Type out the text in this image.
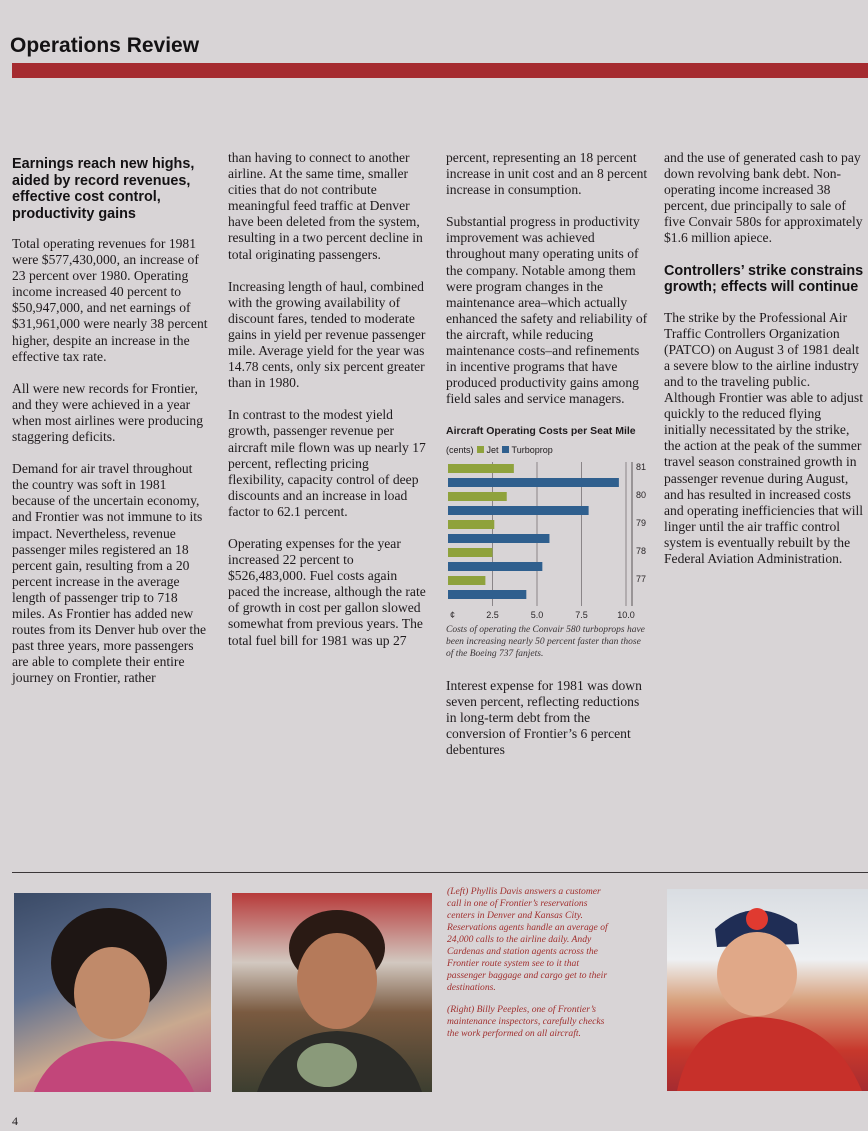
Operations Review
Earnings reach new highs, aided by record revenues, effective cost control, productivity gains

Total operating revenues for 1981 were $577,430,000, an increase of 23 percent over 1980. Operating income increased 40 percent to $50,947,000, and net earnings of $31,961,000 were nearly 38 percent higher, despite an increase in the effective tax rate.

All were new records for Frontier, and they were achieved in a year when most airlines were producing staggering deficits.

Demand for air travel throughout the country was soft in 1981 because of the uncertain economy, and Frontier was not immune to its impact. Nevertheless, revenue passenger miles registered an 18 percent gain, resulting from a 20 percent increase in the average length of passenger trip to 718 miles. As Frontier has added new routes from its Denver hub over the past three years, more passengers are able to complete their entire journey on Frontier, rather

than having to connect to another airline. At the same time, smaller cities that do not contribute meaningful feed traffic at Denver have been deleted from the system, resulting in a two percent decline in total originating passengers.

Increasing length of haul, combined with the growing availability of discount fares, tended to moderate gains in yield per revenue passenger mile. Average yield for the year was 14.78 cents, only six percent greater than in 1980.

In contrast to the modest yield growth, passenger revenue per aircraft mile flown was up nearly 17 percent, reflecting pricing flexibility, capacity control of deep discounts and an increase in load factor to 62.1 percent.

Operating expenses for the year increased 22 percent to $526,483,000. Fuel costs again paced the increase, although the rate of growth in cost per gallon slowed somewhat from previous years. The total fuel bill for 1981 was up 27

percent, representing an 18 percent increase in unit cost and an 8 percent increase in consumption.

Substantial progress in productivity improvement was achieved throughout many operating units of the company. Notable among them were program changes in the maintenance area–which actually enhanced the safety and reliability of the aircraft, while reducing maintenance costs–and refinements in incentive programs that have produced productivity gains among field sales and service managers.

Aircraft Operating Costs per Seat Mile
(cents) Jet Turboprop
¢	2.5	5.0	7.5	10.0
81
80
79
78
77
Costs of operating the Convair 580 turboprops have been increasing nearly 50 percent faster than those of the Boeing 737 fanjets.

Interest expense for 1981 was down seven percent, reflecting reductions in long-term debt from the conversion of Frontier’s 6 percent debentures

and the use of generated cash to pay down revolving bank debt. Non-operating income increased 38 percent, due principally to sale of five Convair 580s for approximately $1.6 million apiece.

Controllers’ strike constrains growth; effects will continue

The strike by the Professional Air Traffic Controllers Organization (PATCO) on August 3 of 1981 dealt a severe blow to the airline industry and to the traveling public. Although Frontier was able to adjust quickly to the reduced flying initially necessitated by the strike, the action at the peak of the summer travel season constrained growth in passenger revenue during August, and has resulted in increased costs and operating inefficiencies that will linger until the air traffic control system is eventually rebuilt by the Federal Aviation Administration.

(Left) Phyllis Davis answers a customer call in one of Frontier’s reservations centers in Denver and Kansas City. Reservations agents handle an average of 24,000 calls to the airline daily. Andy Cardenas and station agents across the Frontier route system see to it that passenger baggage and cargo get to their destinations.

(Right) Billy Peeples, one of Frontier’s maintenance inspectors, carefully checks the work performed on all aircraft.

4
